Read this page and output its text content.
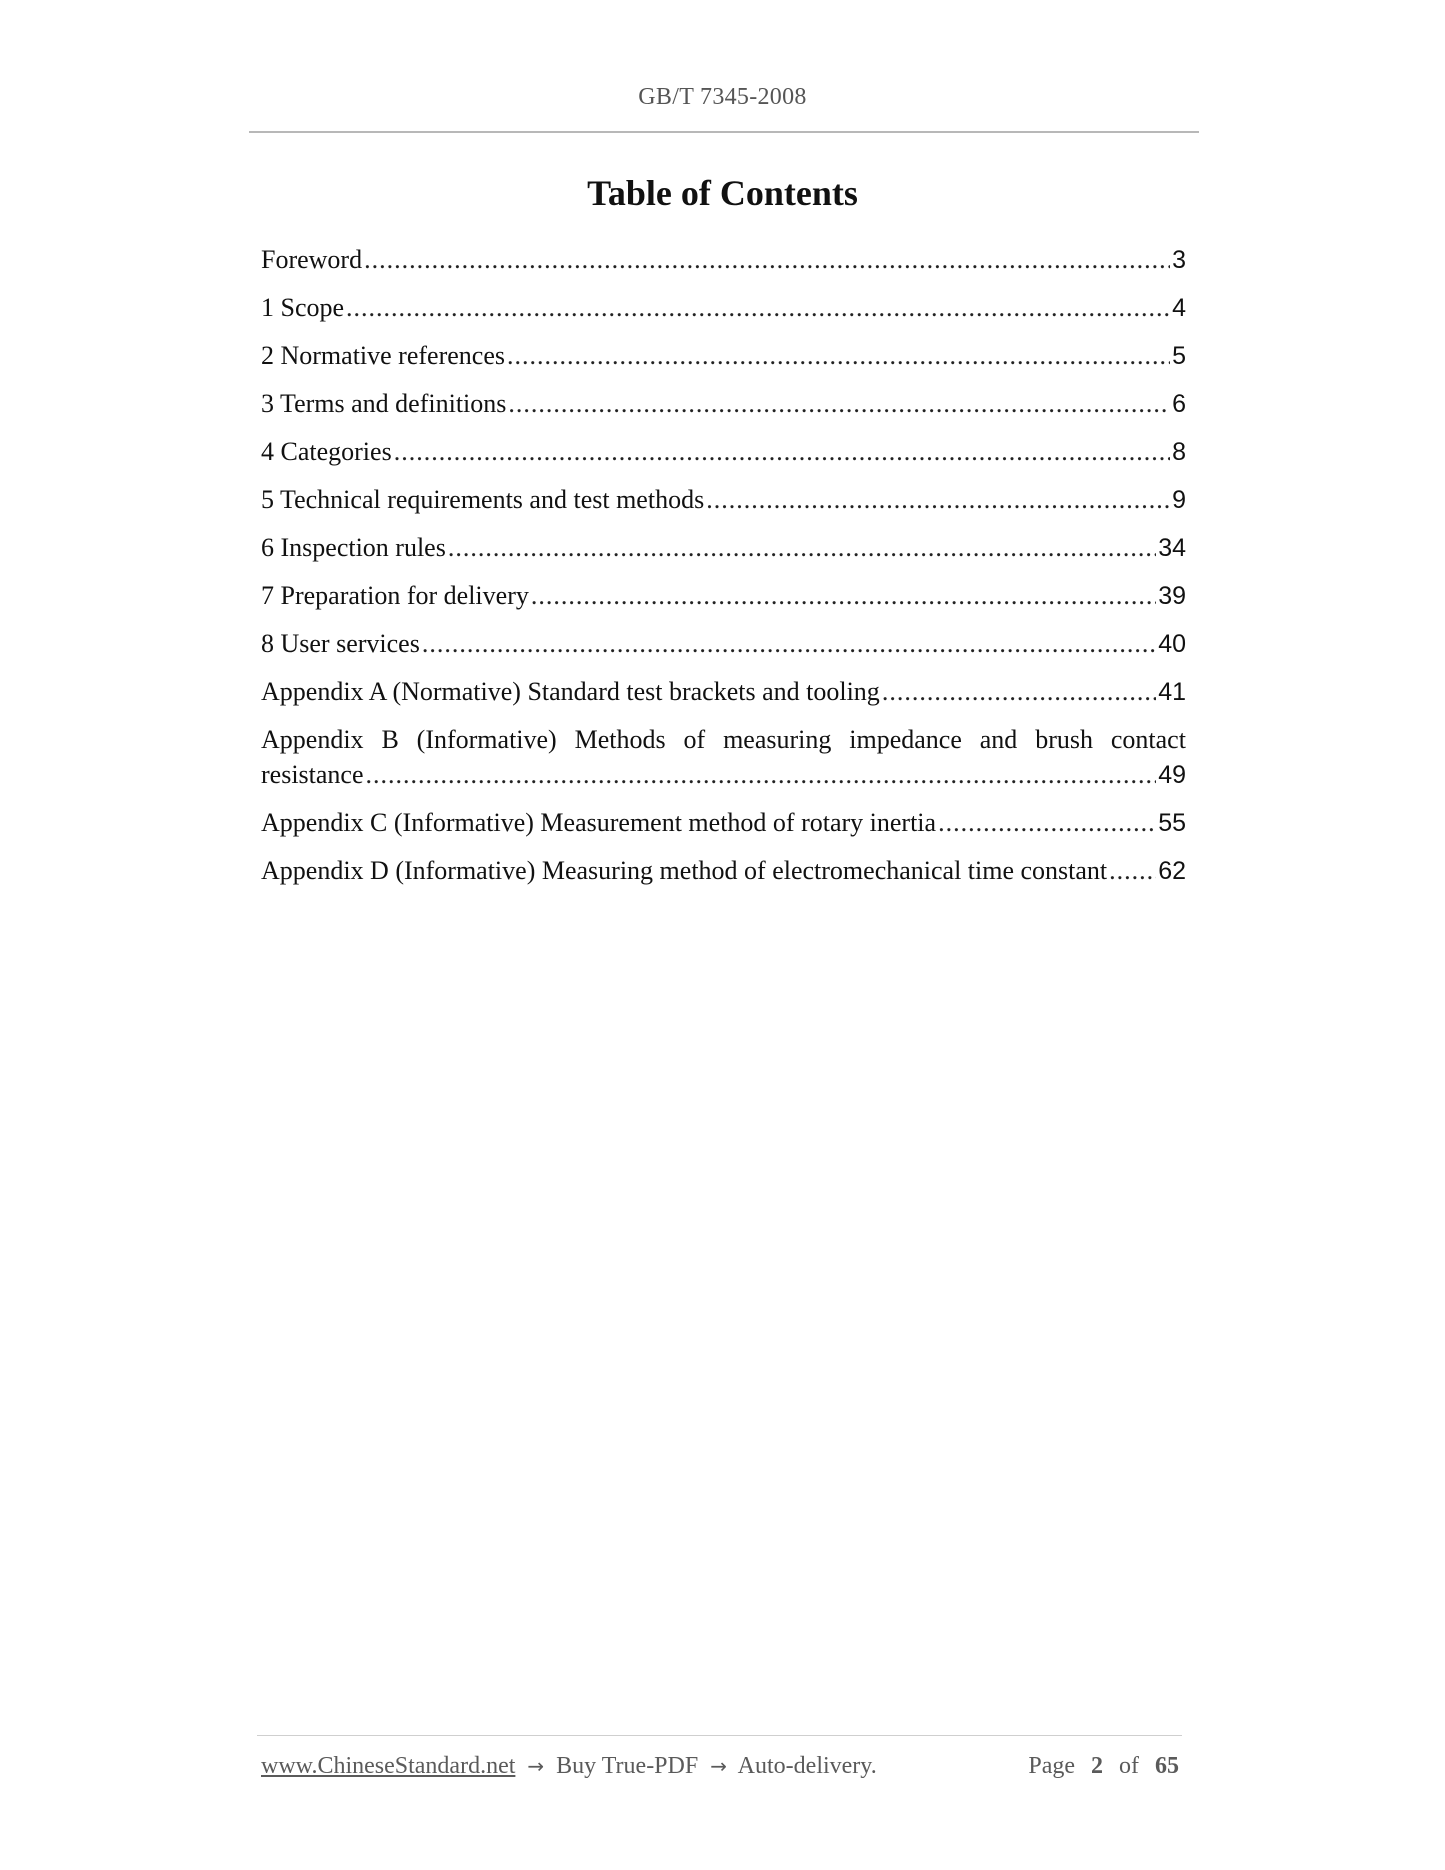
GB/T 7345-2008
Table of Contents
Foreword .....	3
1 Scope .....	4
2 Normative references .....	5
3 Terms and definitions .....	6
4 Categories .....	8
5 Technical requirements and test methods .....	9
6 Inspection rules .....	34
7 Preparation for delivery .....	39
8 User services .....	40
Appendix A (Normative) Standard test brackets and tooling .....	41
Appendix B (Informative) Methods of measuring impedance and brush contact
resistance .....	49
Appendix C (Informative) Measurement method of rotary inertia .....	55
Appendix D (Informative) Measuring method of electromechanical time constant ..... 62
www.ChineseStandard.net → Buy True-PDF → Auto-delivery.	Page 2 of 65
